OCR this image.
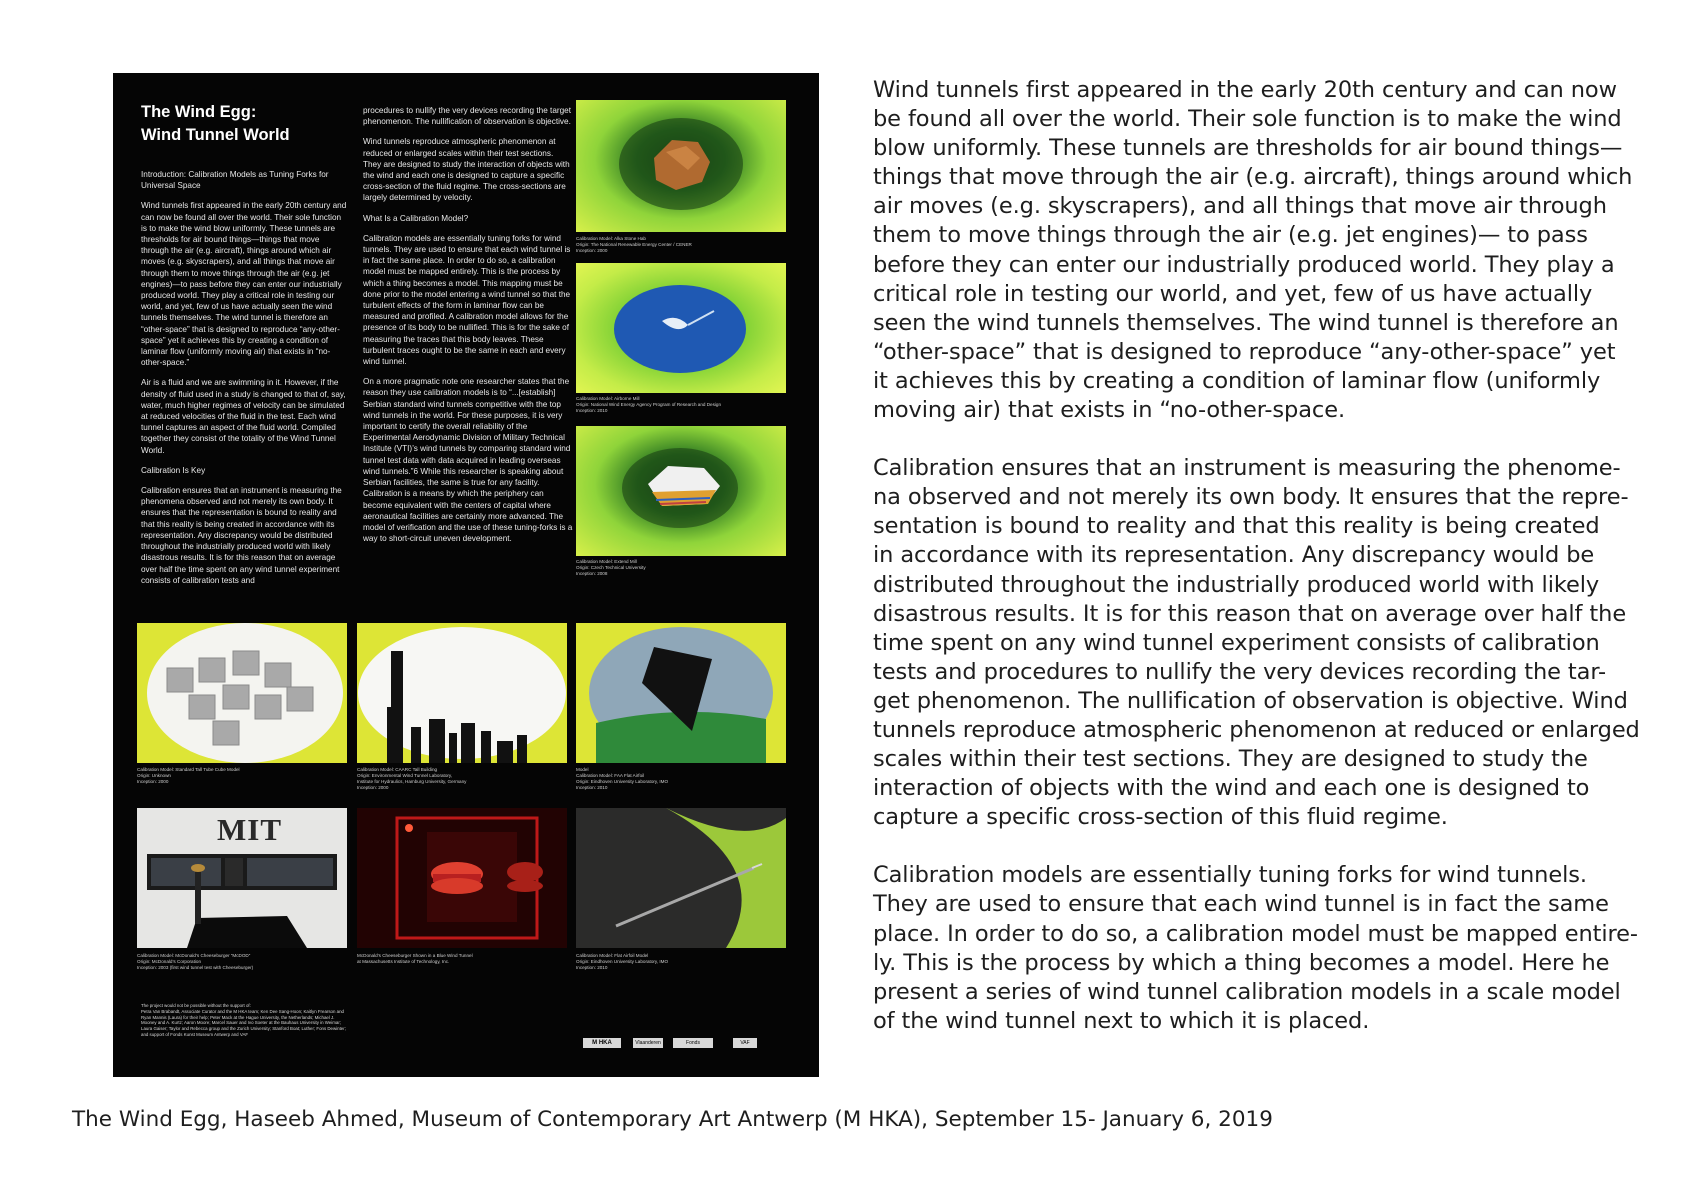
The Wind Egg:
Wind Tunnel World

Introduction: Calibration Models as Tuning Forks for Universal Space

Wind tunnels first appeared in the early 20th century and can now be found all over the world. Their sole function is to make the wind blow uniformly. These tunnels are thresholds for air bound things—things that move through the air (e.g. aircraft), things around which air moves (e.g. skyscrapers), and all things that move air through them to move things through the air (e.g. jet engines)—to pass before they can enter our industrially produced world. They play a critical role in testing our world, and yet, few of us have actually seen the wind tunnels themselves. The wind tunnel is therefore an “other-space” that is designed to reproduce “any-other-space” yet it achieves this by creating a condition of laminar flow (uniformly moving air) that exists in “no-other-space.”

Air is a fluid and we are swimming in it. However, if the density of fluid used in a study is changed to that of, say, water, much higher regimes of velocity can be simulated at reduced velocities of the fluid in the test. Each wind tunnel captures an aspect of the fluid world. Compiled together they consist of the totality of the Wind Tunnel World.

Calibration Is Key

Calibration ensures that an instrument is measuring the phenomena observed and not merely its own body. It ensures that the representation is bound to reality and that this reality is being created in accordance with its representation. Any discrepancy would be distributed throughout the industrially produced world with likely disastrous results. It is for this reason that on average over half the time spent on any wind tunnel experiment consists of calibration tests and

procedures to nullify the very devices recording the target phenomenon. The nullification of observation is objective.

Wind tunnels reproduce atmospheric phenomenon at reduced or enlarged scales within their test sections. They are designed to study the interaction of objects with the wind and each one is designed to capture a specific cross-section of the fluid regime. The cross-sections are largely determined by velocity.

What Is a Calibration Model?

Calibration models are essentially tuning forks for wind tunnels. They are used to ensure that each wind tunnel is in fact the same place. In order to do so, a calibration model must be mapped entirely. This is the process by which a thing becomes a model. This mapping must be done prior to the model entering a wind tunnel so that the turbulent effects of the form in laminar flow can be measured and profiled. A calibration model allows for the presence of its body to be nullified. This is for the sake of measuring the traces that this body leaves. These turbulent traces ought to be the same in each and every wind tunnel.

On a more pragmatic note one researcher states that the reason they use calibration models is to “...[establish] Serbian standard wind tunnels competitive with the top wind tunnels in the world. For these purposes, it is very important to certify the overall reliability of the Experimental Aerodynamic Division of Military Technical Institute (VTI)’s wind tunnels by comparing standard wind tunnel test data with data acquired in leading overseas wind tunnels.”6 While this researcher is speaking about Serbian facilities, the same is true for any facility. Calibration is a means by which the periphery can become equivalent with the centers of capital where aeronautical facilities are certainly more advanced. The model of verification and the use of these tuning-forks is a way to short-circuit uneven development.

Calibration Model: Alka Stone Hab
Origin: The National Renewable Energy Center / CENER
Inception: 2000
Calibration Model: Airborne Mill
Origin: National Wind Energy Agency Program of Research and Design
Inception: 2010
Calibration Model: Extend Mill
Origin: Czech Technical University
Inception: 2008
Calibration Model: Standard Tall Tube Cube Model
Origin: Unknown
Inception: 2000
Calibration Model: CAARC Tall Building
Origin: Environmental Wind Tunnel Laboratory,
Institute for Hydraulics, Hamburg University, Germany
Inception: 2000
Model
Calibration Model: FAA Flat Airfoil
Origin: Eindhoven University Laboratory, IMO
Inception: 2010
MIT
Calibration Model: McDonald’s Cheeseburger “McDOD”
Origin: McDonald’s Corporation
Inception: 2003 (first wind tunnel test with Cheeseburger)
McDonald’s Cheeseburger Shown in a Blue Wind Tunnel
at Massachusetts Institute of Technology, Inc.
Calibration Model: Flat Airfoil Model
Origin: Eindhoven University Laboratory, IMO
Inception: 2010
The project would not be possible without the support of:
Petra Van Brabandt, Associate Curator and the M HKA team; Ken Dee Sang-Hoon; Kaitlyn Frearson and Ryan Mannis (Laura) for their help; Peter Mack at the Hague University, the Netherlands; Michael J. Mooney and A. Kurtz; Aaron Moore; Marcel Sauer and Ivo Soeter at the Bauhaus University in Weimar; Laura Gaiser; Taylor and Rebecca group and the Zurich University; Stanford Boat; Luther; Fons Dewinter; and support of Fonds Kunst Museum Antwerp and VAF
M HKA	Vlaanderen	Fonds	VAF

Wind tunnels first appeared in the early 20th century and can now
be found all over the world. Their sole function is to make the wind
blow uniformly. These tunnels are thresholds for air bound things—
things that move through the air (e.g. aircraft), things around which
air moves (e.g. skyscrapers), and all things that move air through
them to move things through the air (e.g. jet engines)— to pass
before they can enter our industrially produced world. They play a
critical role in testing our world, and yet, few of us have actually
seen the wind tunnels themselves. The wind tunnel is therefore an
“other-space” that is designed to reproduce “any-other-space” yet
it achieves this by creating a condition of laminar flow (uniformly
moving air) that exists in “no-other-space.

Calibration ensures that an instrument is measuring the phenome-
na observed and not merely its own body. It ensures that the repre-
sentation is bound to reality and that this reality is being created
in accordance with its representation. Any discrepancy would be
distributed throughout the industrially produced world with likely
disastrous results. It is for this reason that on average over half the
time spent on any wind tunnel experiment consists of calibration
tests and procedures to nullify the very devices recording the tar-
get phenomenon. The nullification of observation is objective. Wind
tunnels reproduce atmospheric phenomenon at reduced or enlarged
scales within their test sections. They are designed to study the
interaction of objects with the wind and each one is designed to
capture a specific cross-section of this fluid regime.

Calibration models are essentially tuning forks for wind tunnels.
They are used to ensure that each wind tunnel is in fact the same
place. In order to do so, a calibration model must be mapped entire-
ly. This is the process by which a thing becomes a model. Here he
present a series of wind tunnel calibration models in a scale model
of the wind tunnel next to which it is placed.

The Wind Egg, Haseeb Ahmed, Museum of Contemporary Art Antwerp (M HKA), September 15- January 6, 2019
